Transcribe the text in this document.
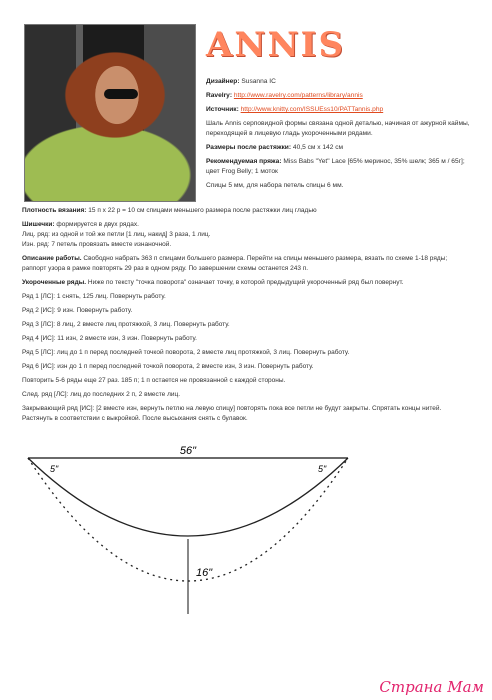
ANNIS

Дизайнер: Susanna IC

Ravelry: http://www.ravelry.com/patterns/library/annis

Источник: http://www.knitty.com/ISSUEss10/PATTannis.php

Шаль Annis серповидной формы связана одной деталью, начиная от ажурной каймы, переходящей в лицевую гладь укороченными рядами.

Размеры после растяжки: 40,5 см х 142 см

Рекомендуемая пряжа: Miss Babs "Yet" Lace [65% меринос, 35% шелк; 365 м / 65г]; цвет Frog Belly; 1 моток

Спицы 5 мм, для набора петель спицы 6 мм.

Плотность вязания: 15 п х 22 р = 10 см спицами меньшего размера после растяжки лиц гладью

Шишечки: формируется в двух рядах.
Лиц. ряд: из одной и той же петли [1 лиц, накид] 3 раза, 1 лиц.
Изн. ряд: 7 петель провязать вместе изнаночной.

Описание работы. Свободно набрать 363 п спицами большего размера. Перейти на спицы меньшего размера, вязать по схеме 1-18 ряды; раппорт узора в рамке повторять 29 раз в одном ряду. По завершении схемы останется 243 п.

Укороченные ряды. Ниже по тексту "точка поворота" означает точку, в которой предыдущий укороченный ряд был повернут.

Ряд 1 [ЛС]: 1 снять, 125 лиц. Повернуть работу.

Ряд 2 [ИС]: 9 изн. Повернуть работу.

Ряд 3 [ЛС]: 8 лиц, 2 вместе лиц протяжкой, 3 лиц. Повернуть работу.

Ряд 4 [ИС]: 11 изн, 2 вместе изн, 3 изн. Повернуть работу.

Ряд 5 [ЛС]: лиц до 1 п перед последней точкой поворота, 2 вместе лиц протяжкой, 3 лиц. Повернуть работу.

Ряд 6 [ИС]: изн до 1 п перед последней точкой поворота, 2 вместе изн, 3 изн. Повернуть работу.

Повторить 5-6 ряды еще 27 раз. 185 п; 1 п остается не провязанной с каждой стороны.

След. ряд [ЛС]: лиц до последних 2 п, 2 вместе лиц.

Закрывающий ряд [ИС]: [2 вместе изн, вернуть петлю на левую спицу] повторять пока все петли не будут закрыты. Спрятать концы нитей. Растянуть в соответствии с выкройкой. После высыхания снять с булавок.

56"
16"
5"	5"
Страна Мам
